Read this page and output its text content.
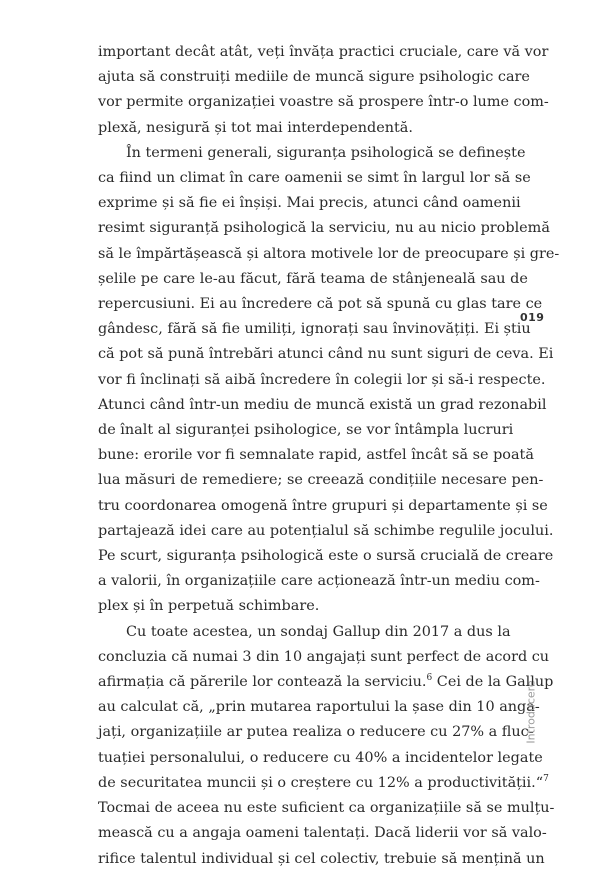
important decât atât, veți învăța practici cruciale, care vă vor
ajuta să construiți mediile de muncă sigure psihologic care
vor permite organizației voastre să prospere într-o lume com-
plexă, nesigură și tot mai interdependentă.

În termeni generali, siguranța psihologică se definește
ca fiind un climat în care oamenii se simt în largul lor să se
exprime și să fie ei înșiși. Mai precis, atunci când oamenii
resimt siguranță psihologică la serviciu, nu au nicio problemă
să le împărtășească și altora motivele lor de preocupare și gre-
șelile pe care le-au făcut, fără teama de stânjeneală sau de
repercusiuni. Ei au încredere că pot să spună cu glas tare ce
gândesc, fără să fie umiliți, ignorați sau învinovățiți. Ei știu
că pot să pună întrebări atunci când nu sunt siguri de ceva. Ei
vor fi înclinați să aibă încredere în colegii lor și să-i respecte.
Atunci când într-un mediu de muncă există un grad rezonabil
de înalt al siguranței psihologice, se vor întâmpla lucruri
bune: erorile vor fi semnalate rapid, astfel încât să se poată
lua măsuri de remediere; se creează condițiile necesare pen-
tru coordonarea omogenă între grupuri și departamente și se
partajează idei care au potențialul să schimbe regulile jocului.
Pe scurt, siguranța psihologică este o sursă crucială de creare
a valorii, în organizațiile care acționează într-un mediu com-
plex și în perpetuă schimbare.

Cu toate acestea, un sondaj Gallup din 2017 a dus la
concluzia că numai 3 din 10 angajați sunt perfect de acord cu
afirmația că părerile lor contează la serviciu.$^6$ Cei de la Gallup
au calculat că, „prin mutarea raportului la șase din 10 anga-
jați, organizațiile ar putea realiza o reducere cu 27% a fluc-
tuației personalului, o reducere cu 40% a incidentelor legate
de securitatea muncii și o creștere cu 12% a productivității.“$^7$
Tocmai de aceea nu este suficient ca organizațiile să se mulțu-
mească cu a angaja oameni talentați. Dacă liderii vor să valo-
rifice talentul individual și cel colectiv, trebuie să mențină un

019
Introducere
